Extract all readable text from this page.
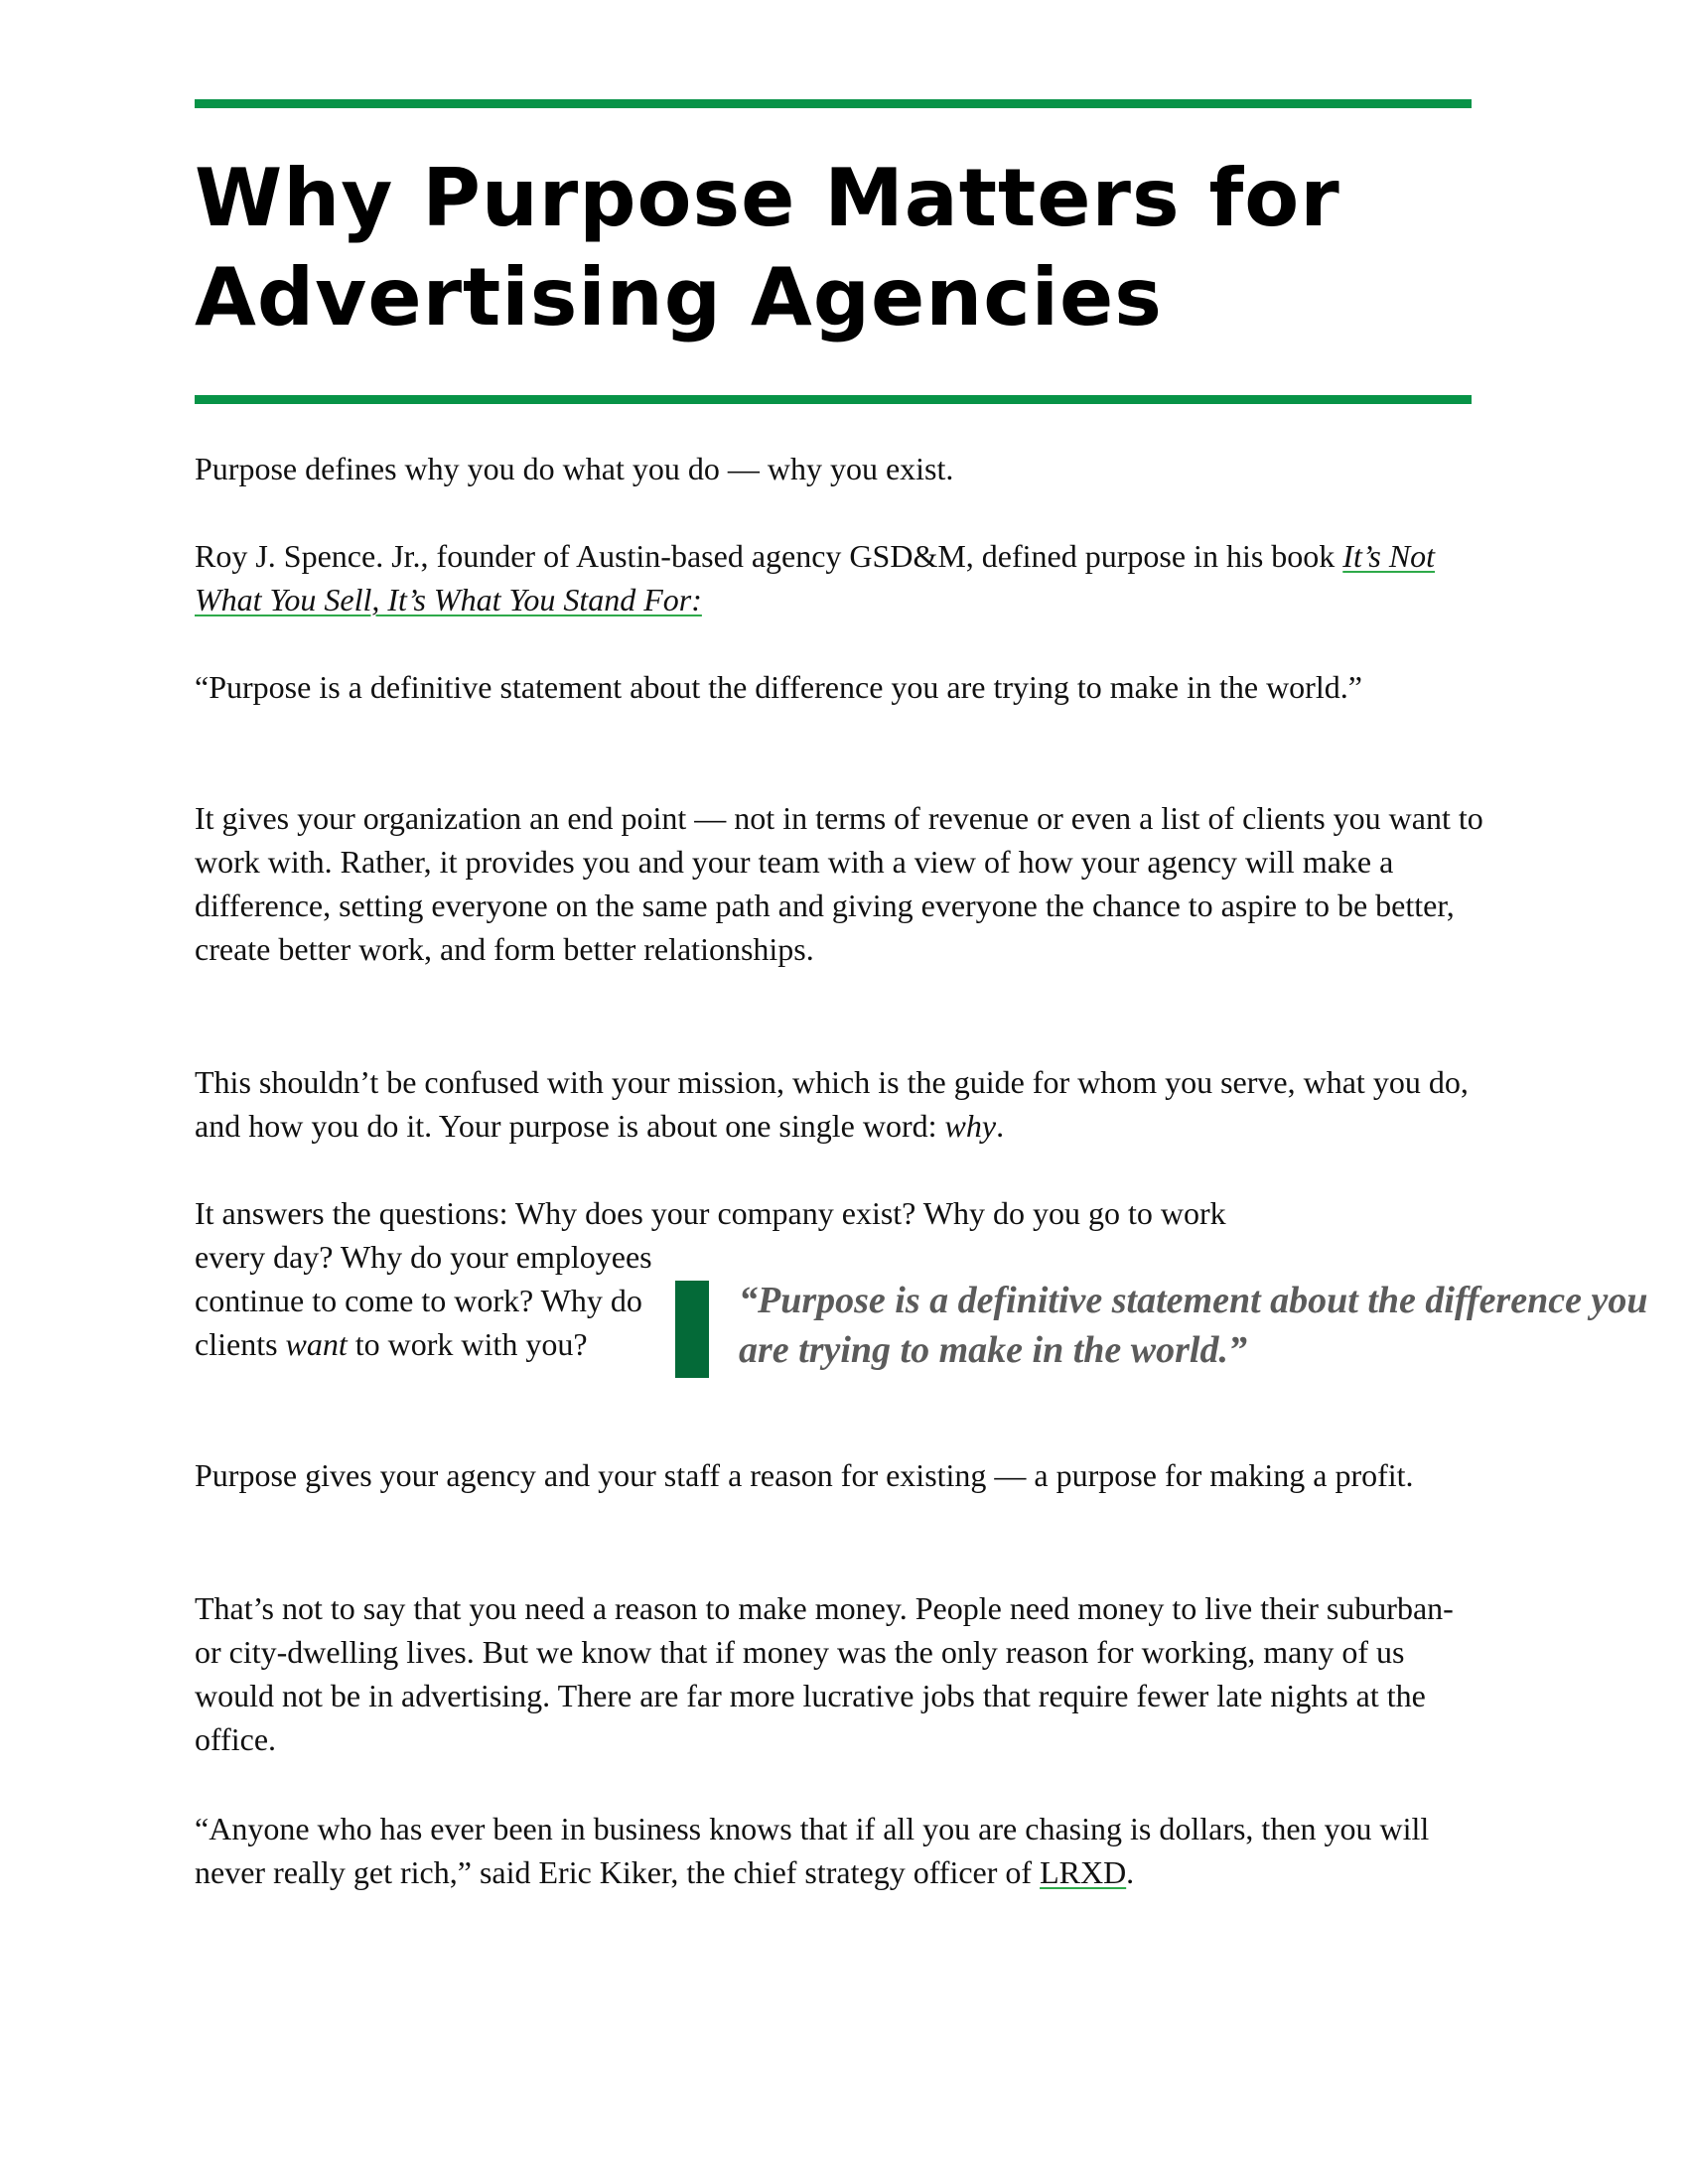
Why Purpose Matters for
Advertising Agencies

Purpose defines why you do what you do — why you exist.

Roy J. Spence. Jr., founder of Austin-based agency GSD&M, defined purpose in his book It’s Not What You Sell, It’s What You Stand For:

“Purpose is a definitive statement about the difference you are trying to make in the world.”

It gives your organization an end point — not in terms of revenue or even a list of clients you want to work with. Rather, it provides you and your team with a view of how your agency will make a difference, setting everyone on the same path and giving everyone the chance to aspire to be better, create better work, and form better relationships.

This shouldn’t be confused with your mission, which is the guide for whom you serve, what you do, and how you do it. Your purpose is about one single word: why.

It answers the questions: Why does your company exist? Why do you go to work

every day? Why do your employees continue to come to work? Why do clients want to work with you?

“Purpose is a definitive statement about the difference you are trying to make in the world.”

Purpose gives your agency and your staff a reason for existing — a purpose for making a profit.

That’s not to say that you need a reason to make money. People need money to live their suburban- or city-dwelling lives. But we know that if money was the only reason for working, many of us would not be in advertising. There are far more lucrative jobs that require fewer late nights at the office.

“Anyone who has ever been in business knows that if all you are chasing is dollars, then you will never really get rich,” said Eric Kiker, the chief strategy officer of LRXD.
